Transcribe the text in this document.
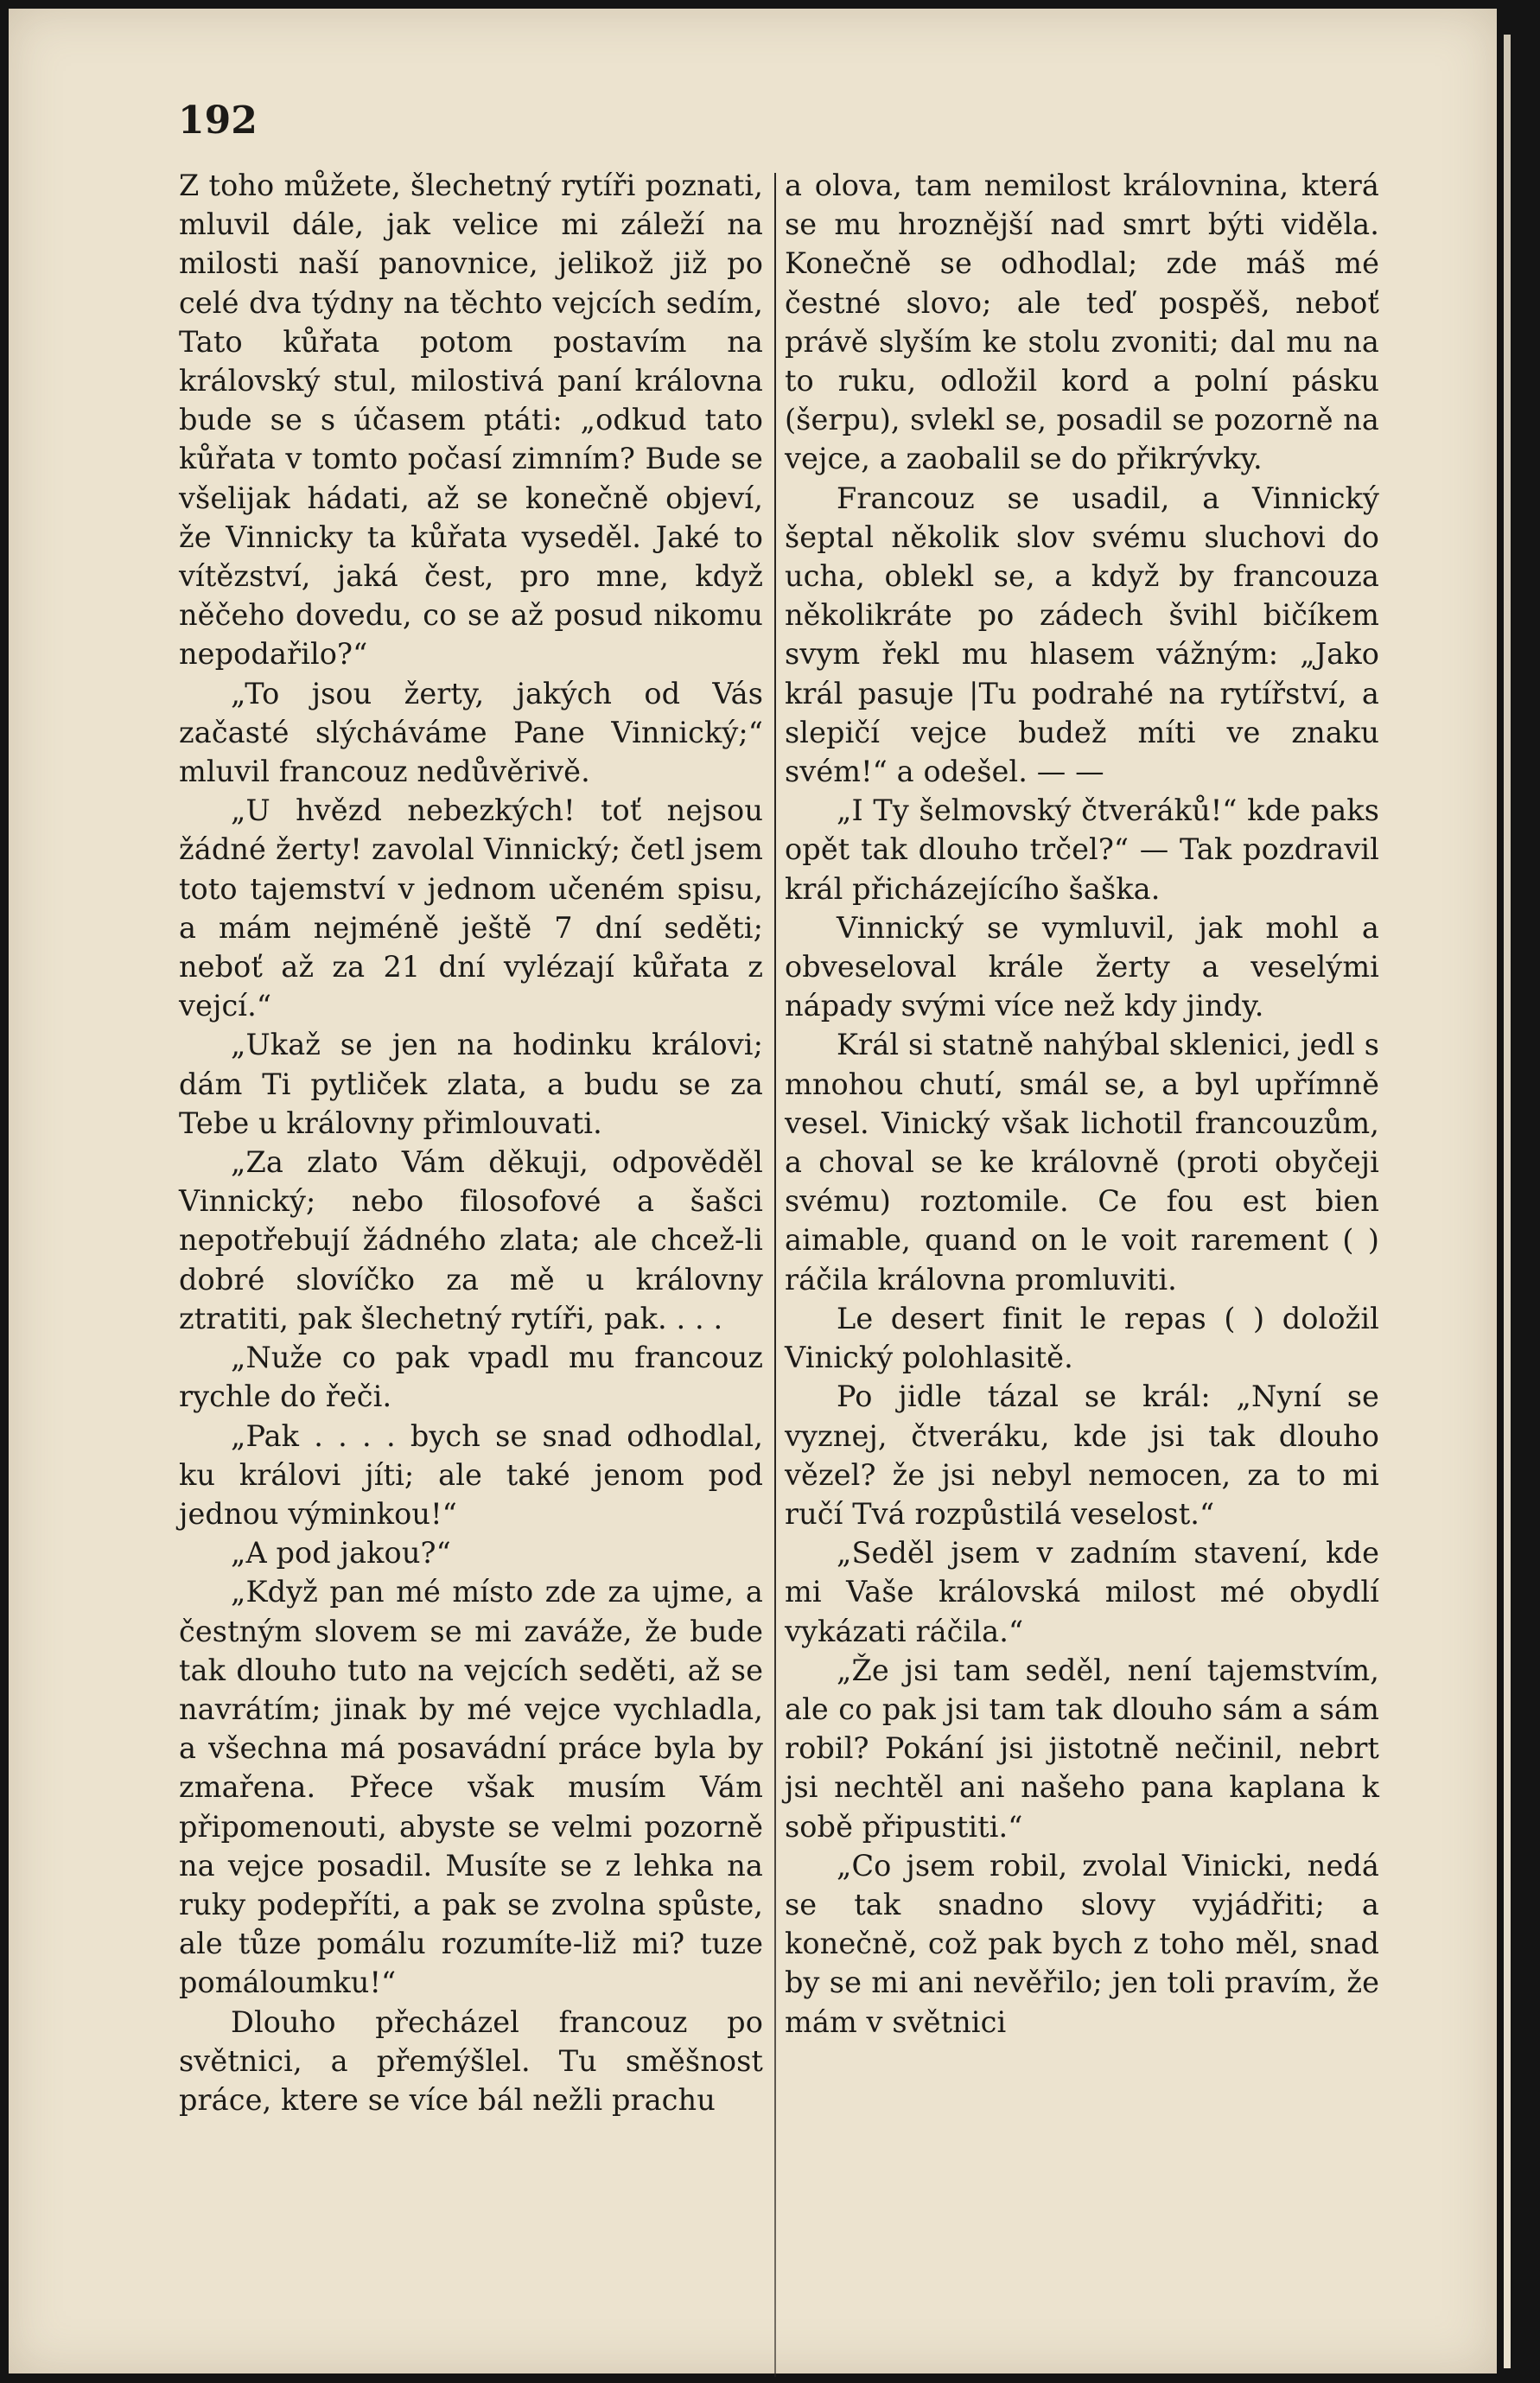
192

Z toho můžete, šlechetný rytíři poznati, mluvil dále, jak velice mi záleží na milosti naší panovnice, jelikož již po celé dva týdny na těchto vejcích sedím, Tato kůřata potom postavím na královský stul, milostivá paní královna bude se s účasem ptáti: „odkud tato kůřata v tomto počasí zimním? Bude se všelijak hádati, až se konečně objeví, že Vinnicky ta kůřata vyseděl. Jaké to vítězství, jaká čest, pro mne, když něčeho dovedu, co se až posud nikomu nepodařilo?“

„To jsou žerty, jakých od Vás začasté slýcháváme Pane Vinnický;“ mluvil francouz nedůvěrivě.

„U hvězd nebezkých! toť nejsou žádné žerty! zavolal Vinnický; četl jsem toto tajemství v jednom učeném spisu, a mám nejméně ještě 7 dní seděti; neboť až za 21 dní vylézají kůřata z vejcí.“

„Ukaž se jen na hodinku královi; dám Ti pytliček zlata, a budu se za Tebe u královny přimlouvati.

„Za zlato Vám děkuji, odpověděl Vinnický; nebo filosofové a šašci nepotřebují žádného zlata; ale chcež-li dobré slovíčko za mě u královny ztratiti, pak šlechetný rytíři, pak. . . .

„Nuže co pak vpadl mu francouz rychle do řeči.

„Pak . . . . bych se snad odhodlal, ku královi jíti; ale také jenom pod jednou výminkou!“

„A pod jakou?“

„Když pan mé místo zde za ujme, a čestným slovem se mi zaváže, že bude tak dlouho tuto na vejcích seděti, až se navrátím; jinak by mé vejce vychladla, a všechna má posavádní práce byla by zmařena. Přece však musím Vám připomenouti, abyste se velmi pozorně na vejce posadil. Musíte se z lehka na ruky podepříti, a pak se zvolna spůste, ale tůze pomálu rozumíte-liž mi? tuze pomáloumku!“

Dlouho přecházel francouz po světnici, a přemýšlel. Tu směšnost práce, ktere se více bál nežli prachu

a olova, tam nemilost královnina, která se mu hroznější nad smrt býti viděla. Konečně se odhodlal; zde máš mé čestné slovo; ale teď pospěš, neboť právě slyším ke stolu zvoniti; dal mu na to ruku, odložil kord a polní pásku (šerpu), svlekl se, posadil se pozorně na vejce, a zaobalil se do přikrývky.

Francouz se usadil, a Vinnický šeptal několik slov svému sluchovi do ucha, oblekl se, a když by francouza několikráte po zádech švihl bičíkem svym řekl mu hlasem vážným: „Jako král pasuje |Tu podrahé na rytířství, a slepičí vejce budež míti ve znaku svém!“ a odešel. — —

„I Ty šelmovský čtveráků!“ kde paks opět tak dlouho trčel?“ — Tak pozdravil král přicházejícího šaška.

Vinnický se vymluvil, jak mohl a obveseloval krále žerty a veselými nápady svými více než kdy jindy.

Král si statně nahýbal sklenici, jedl s mnohou chutí, smál se, a byl upřímně vesel. Vinický však lichotil francouzům, a choval se ke královně (proti obyčeji svému) roztomile. Ce fou est bien aimable, quand on le voit rarement ( ) ráčila královna promluviti.

Le desert finit le repas ( ) doložil Vinický polohlasitě.

Po jidle tázal se král: „Nyní se vyznej, čtveráku, kde jsi tak dlouho vězel? že jsi nebyl nemocen, za to mi ručí Tvá rozpůstilá veselost.“

„Seděl jsem v zadním stavení, kde mi Vaše královská milost mé obydlí vykázati ráčila.“

„Že jsi tam seděl, není tajemstvím, ale co pak jsi tam tak dlouho sám a sám robil? Pokání jsi jistotně nečinil, nebrt jsi nechtěl ani našeho pana kaplana k sobě připustiti.“

„Co jsem robil, zvolal Vinicki, nedá se tak snadno slovy vyjádřiti; a konečně, což pak bych z toho měl, snad by se mi ani nevěřilo; jen toli pravím, že mám v světnici
